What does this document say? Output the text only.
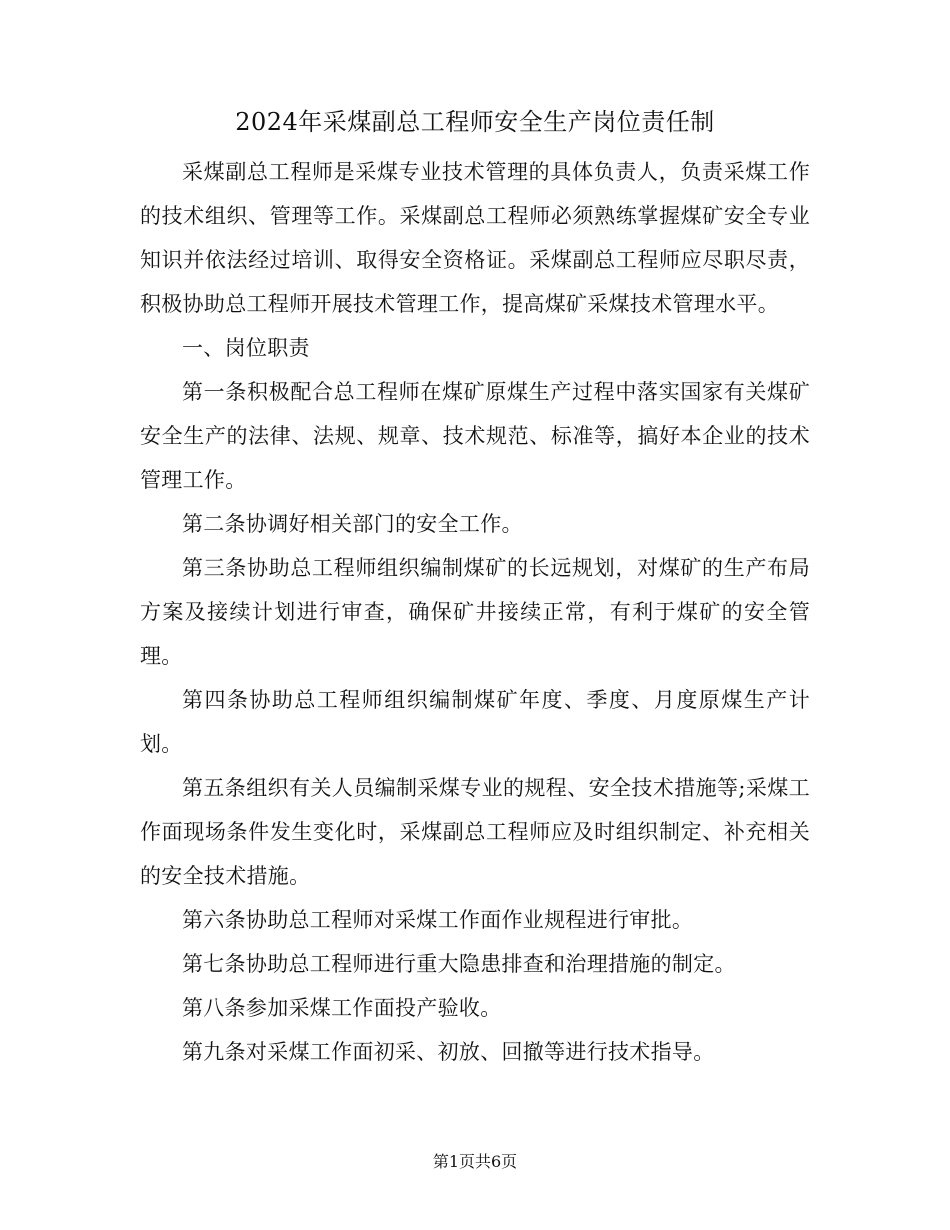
2024年采煤副总工程师安全生产岗位责任制

采煤副总工程师是采煤专业技术管理的具体负责人，负责采煤工作的技术组织、管理等工作。采煤副总工程师必须熟练掌握煤矿安全专业知识并依法经过培训、取得安全资格证。采煤副总工程师应尽职尽责，积极协助总工程师开展技术管理工作，提高煤矿采煤技术管理水平。

一、岗位职责

第一条积极配合总工程师在煤矿原煤生产过程中落实国家有关煤矿安全生产的法律、法规、规章、技术规范、标准等，搞好本企业的技术管理工作。

第二条协调好相关部门的安全工作。

第三条协助总工程师组织编制煤矿的长远规划，对煤矿的生产布局方案及接续计划进行审查，确保矿井接续正常，有利于煤矿的安全管理。

第四条协助总工程师组织编制煤矿年度、季度、月度原煤生产计划。

第五条组织有关人员编制采煤专业的规程、安全技术措施等;采煤工作面现场条件发生变化时，采煤副总工程师应及时组织制定、补充相关的安全技术措施。

第六条协助总工程师对采煤工作面作业规程进行审批。

第七条协助总工程师进行重大隐患排查和治理措施的制定。

第八条参加采煤工作面投产验收。

第九条对采煤工作面初采、初放、回撤等进行技术指导。

第1页共6页
